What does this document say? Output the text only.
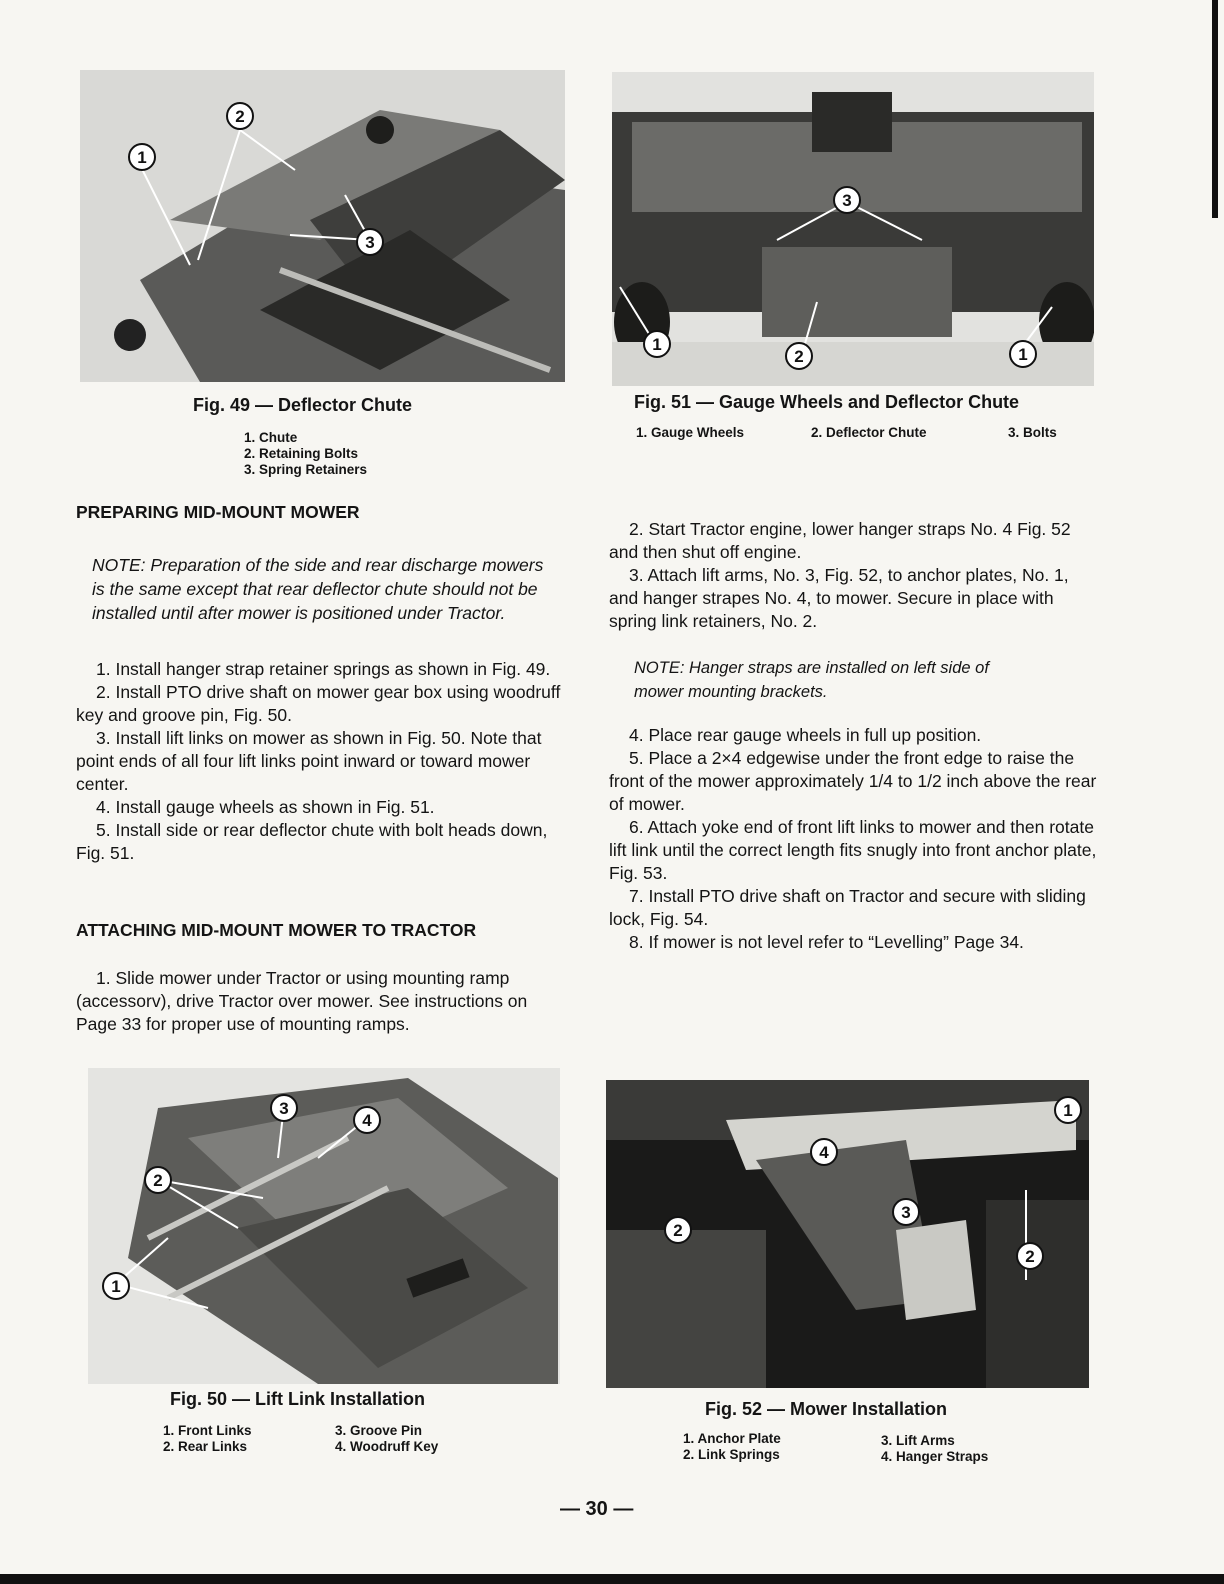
1
2
3
Fig. 49 — Deflector Chute
1. Chute
2. Retaining Bolts
3. Spring Retainers
3
1
2	1
Fig. 51 — Gauge Wheels and Deflector Chute
1. Gauge Wheels	2. Deflector Chute	3. Bolts
PREPARING MID-MOUNT MOWER

NOTE: Preparation of the side and rear discharge mowers is the same except that rear deflector chute should not be installed until after mower is positioned under Tractor.

1. Install hanger strap retainer springs as shown in Fig. 49.

2. Install PTO drive shaft on mower gear box using woodruff key and groove pin, Fig. 50.

3. Install lift links on mower as shown in Fig. 50. Note that point ends of all four lift links point inward or toward mower center.

4. Install gauge wheels as shown in Fig. 51.

5. Install side or rear deflector chute with bolt heads down, Fig. 51.

ATTACHING MID-MOUNT MOWER TO TRACTOR

1. Slide mower under Tractor or using mounting ramp (accessorv), drive Tractor over mower. See instructions on Page 33 for proper use of mounting ramps.

2. Start Tractor engine, lower hanger straps No. 4 Fig. 52 and then shut off engine.

3. Attach lift arms, No. 3, Fig. 52, to anchor plates, No. 1, and hanger strapes No. 4, to mower. Secure in place with spring link retainers, No. 2.

NOTE: Hanger straps are installed on left side of mower mounting brackets.

4. Place rear gauge wheels in full up position.

5. Place a 2×4 edgewise under the front edge to raise the front of the mower approximately 1/4 to 1/2 inch above the rear of mower.

6. Attach yoke end of front lift links to mower and then rotate lift link until the correct length fits snugly into front anchor plate, Fig. 53.

7. Install PTO drive shaft on Tractor and secure with sliding lock, Fig. 54.

8. If mower is not level refer to “Levelling” Page 34.

3
4
2
1
Fig. 50 — Lift Link Installation
1. Front Links
2. Rear Links
3. Groove Pin
4. Woodruff Key
4
1
3
2
2
Fig. 52 — Mower Installation
1. Anchor Plate
2. Link Springs
3. Lift Arms
4. Hanger Straps
— 30 —
